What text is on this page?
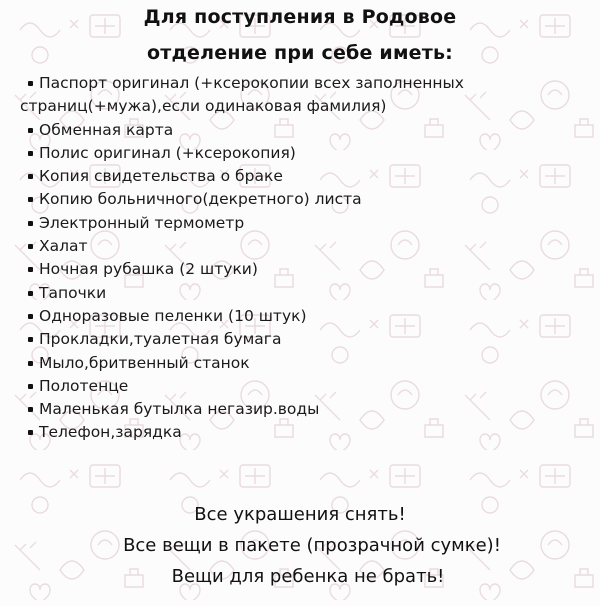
Для поступления в Родовое
отделение при себе иметь:
Паспорт оригинал (+ксерокопии всех заполненных
страниц(+мужа),если одинаковая фамилия)
Обменная карта
Полис оригинал (+ксерокопия)
Копия свидетельства о браке
Копию больничного(декретного) листа
Электронный термометр
Халат
Ночная рубашка (2 штуки)
Тапочки
Одноразовые пеленки (10 штук)
Прокладки,туалетная бумага
Мыло,бритвенный станок
Полотенце
Маленькая бутылка негазир.воды
Телефон,зарядка
Все украшения снять!
Все вещи в пакете (прозрачной сумке)!
Вещи для ребенка не брать!
